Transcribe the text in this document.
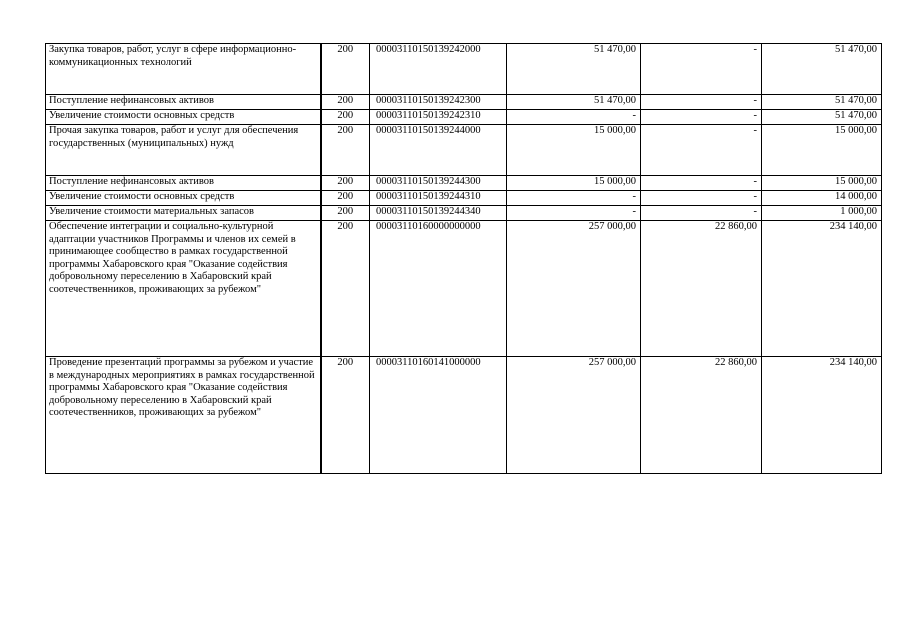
Закупка товаров, работ, услуг в сфере информационно-коммуникационных технологий	200	00003110150139242000	51 470,00	-	51 470,00
Поступление нефинансовых активов	200	00003110150139242300	51 470,00	-	51 470,00
Увеличение стоимости основных средств	200	00003110150139242310	-	-	51 470,00
Прочая закупка товаров, работ и услуг для обеспечения государственных (муниципальных) нужд	200	00003110150139244000	15 000,00	-	15 000,00
Поступление нефинансовых активов	200	00003110150139244300	15 000,00	-	15 000,00
Увеличение стоимости основных средств	200	00003110150139244310	-	-	14 000,00
Увеличение стоимости материальных запасов	200	00003110150139244340	-	-	1 000,00
Обеспечение интеграции и социально-культурной адаптации участников Программы и членов их семей в принимающее сообщество в рамках государственной программы Хабаровского края "Оказание содействия добровольному переселению в Хабаровский край соотечественников, проживающих за рубежом"	200	00003110160000000000	257 000,00	22 860,00	234 140,00
Проведение презентаций программы за рубежом и участие в международных мероприятиях в рамках государственной программы Хабаровского края "Оказание содействия добровольному переселению в Хабаровский край соотечественников, проживающих за рубежом"	200	00003110160141000000	257 000,00	22 860,00	234 140,00
